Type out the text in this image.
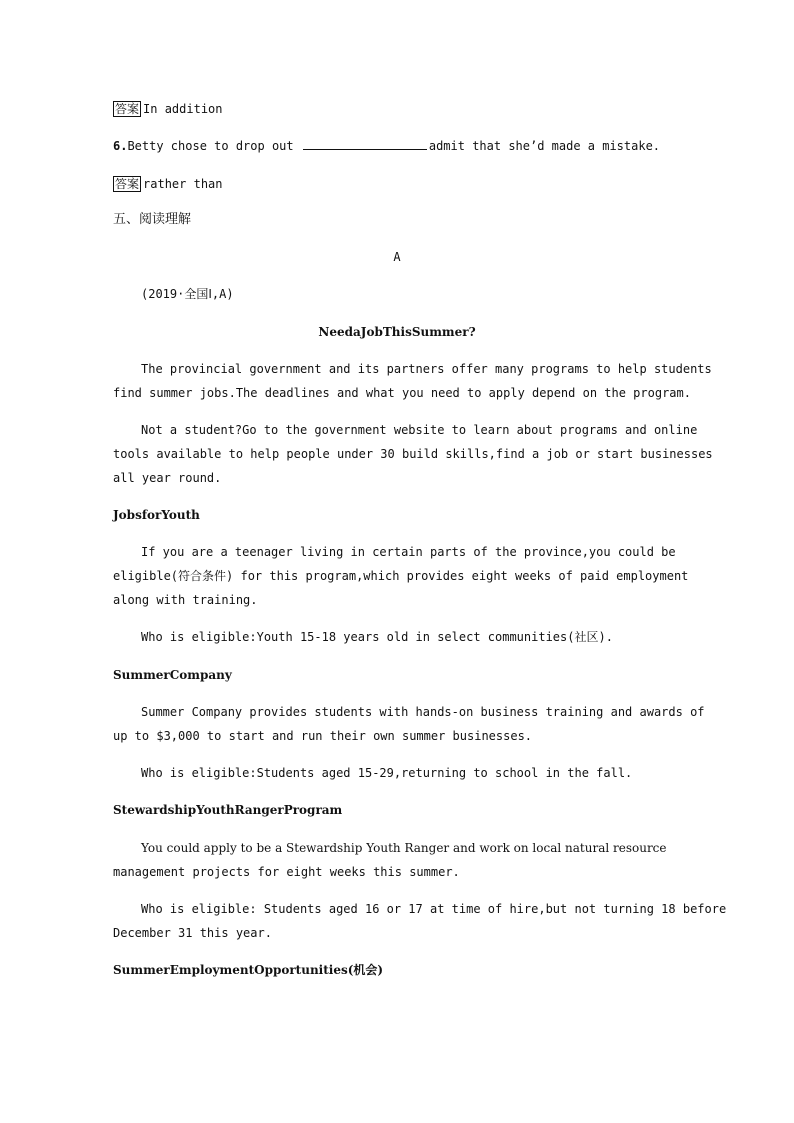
答案 In addition
6.Betty chose to drop out	admit that she’d made a mistake.
答案 rather than
五、阅读理解
A
(2019·全国Ⅰ,A)
NeedaJobThisSummer?
The provincial government and its partners offer many programs to help students
find summer jobs.The deadlines and what you need to apply depend on the program.
Not a student?Go to the government website to learn about programs and online
tools available to help people under 30 build skills,find a job or start businesses
all year round.
JobsforYouth
If you are a teenager living in certain parts of the province,you could be
eligible(符合条件) for this program,which provides eight weeks of paid employment
along with training.
Who is eligible:Youth 15-18 years old in select communities(社区).
SummerCompany
Summer Company provides students with hands-on business training and awards of
up to $3,000 to start and run their own summer businesses.
Who is eligible:Students aged 15-29,returning to school in the fall.
StewardshipYouthRangerProgram
You could apply to be a Stewardship Youth Ranger and work on local natural resource
management projects for eight weeks this summer.
Who is eligible: Students aged 16 or 17 at time of hire,but not turning 18 before
December 31 this year.
SummerEmploymentOpportunities(机会)
